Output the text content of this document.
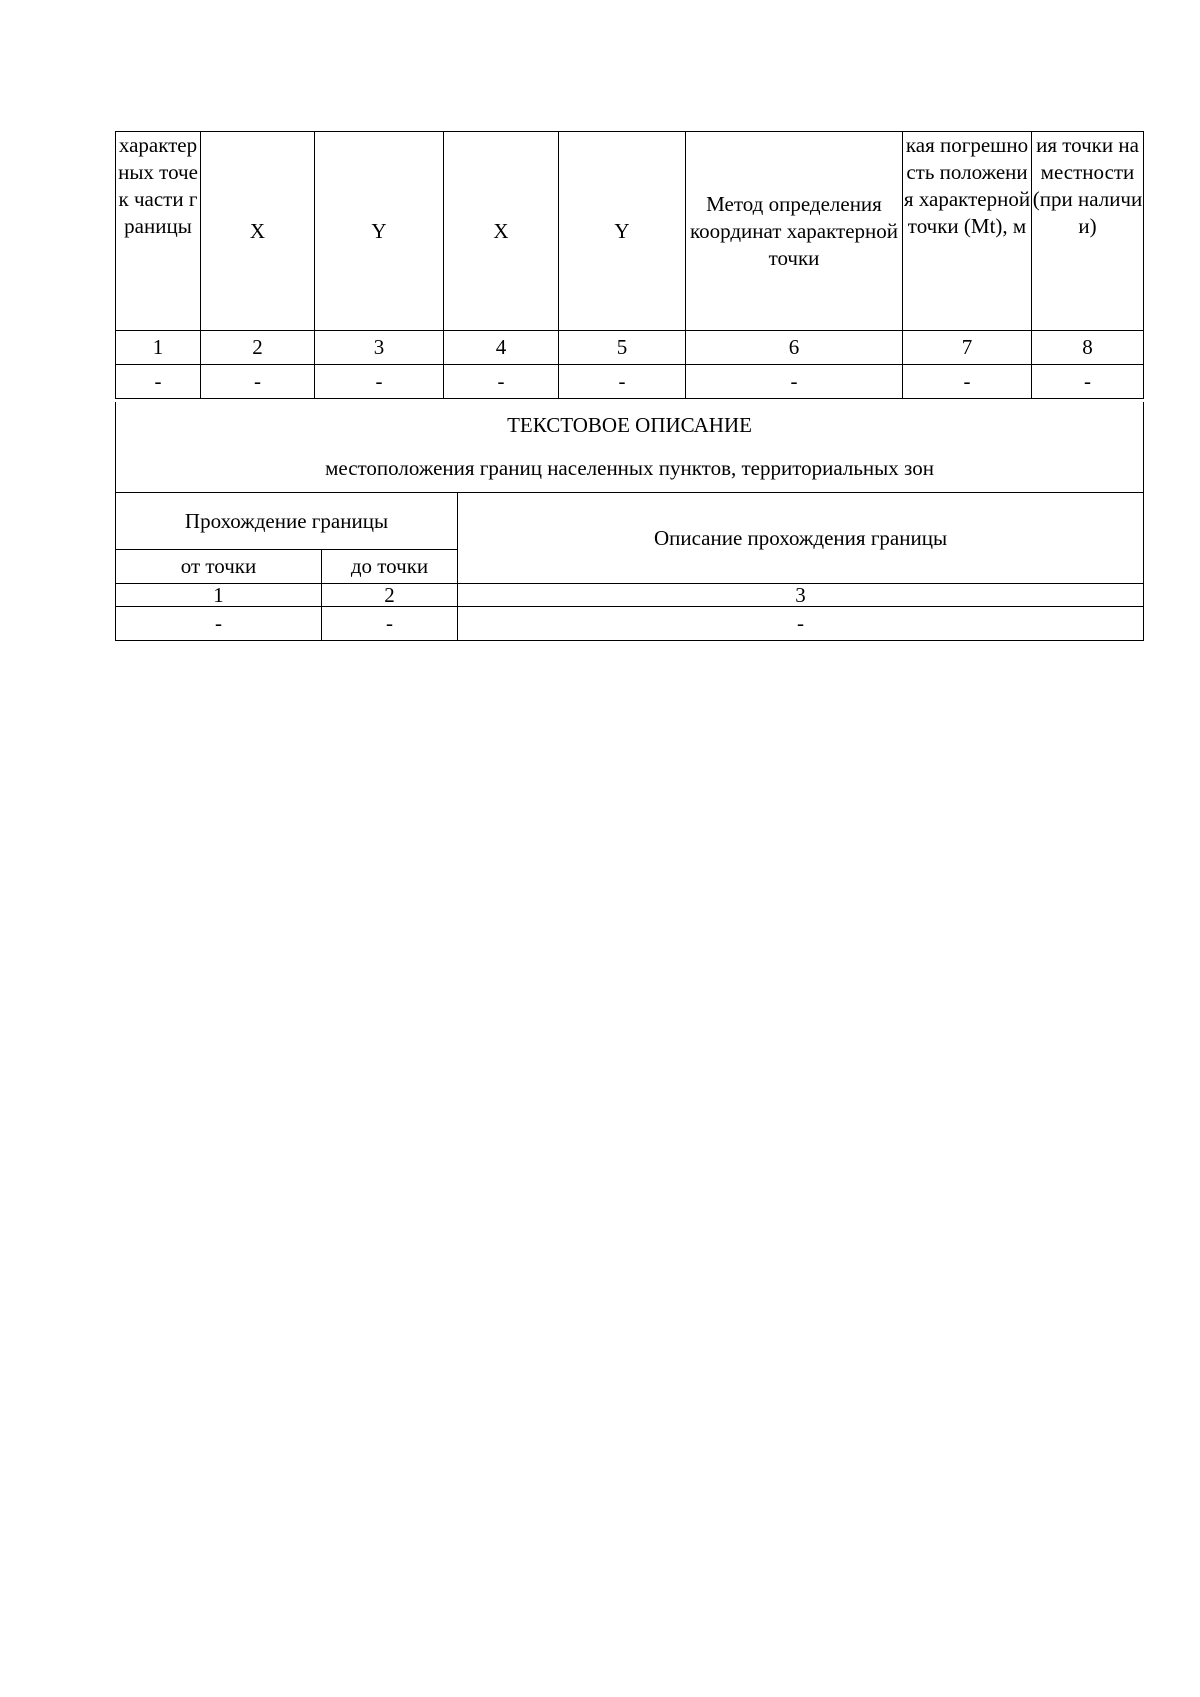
характерных точек части границы	X	Y	X	Y	Метод определения координат характерной точки	кая погрешность положения характерной точки (Mt), м	ия точки на местности (при наличии)

1	2	3	4	5	6	7	8
-	-	-	-	-	-	-	-
ТЕКСТОВОЕ ОПИСАНИЕ
местоположения границ населенных пунктов, территориальных зон		

Прохождение границы		Описание прохождения границы
от точки	до точки	
1	2	3
-	-	-
